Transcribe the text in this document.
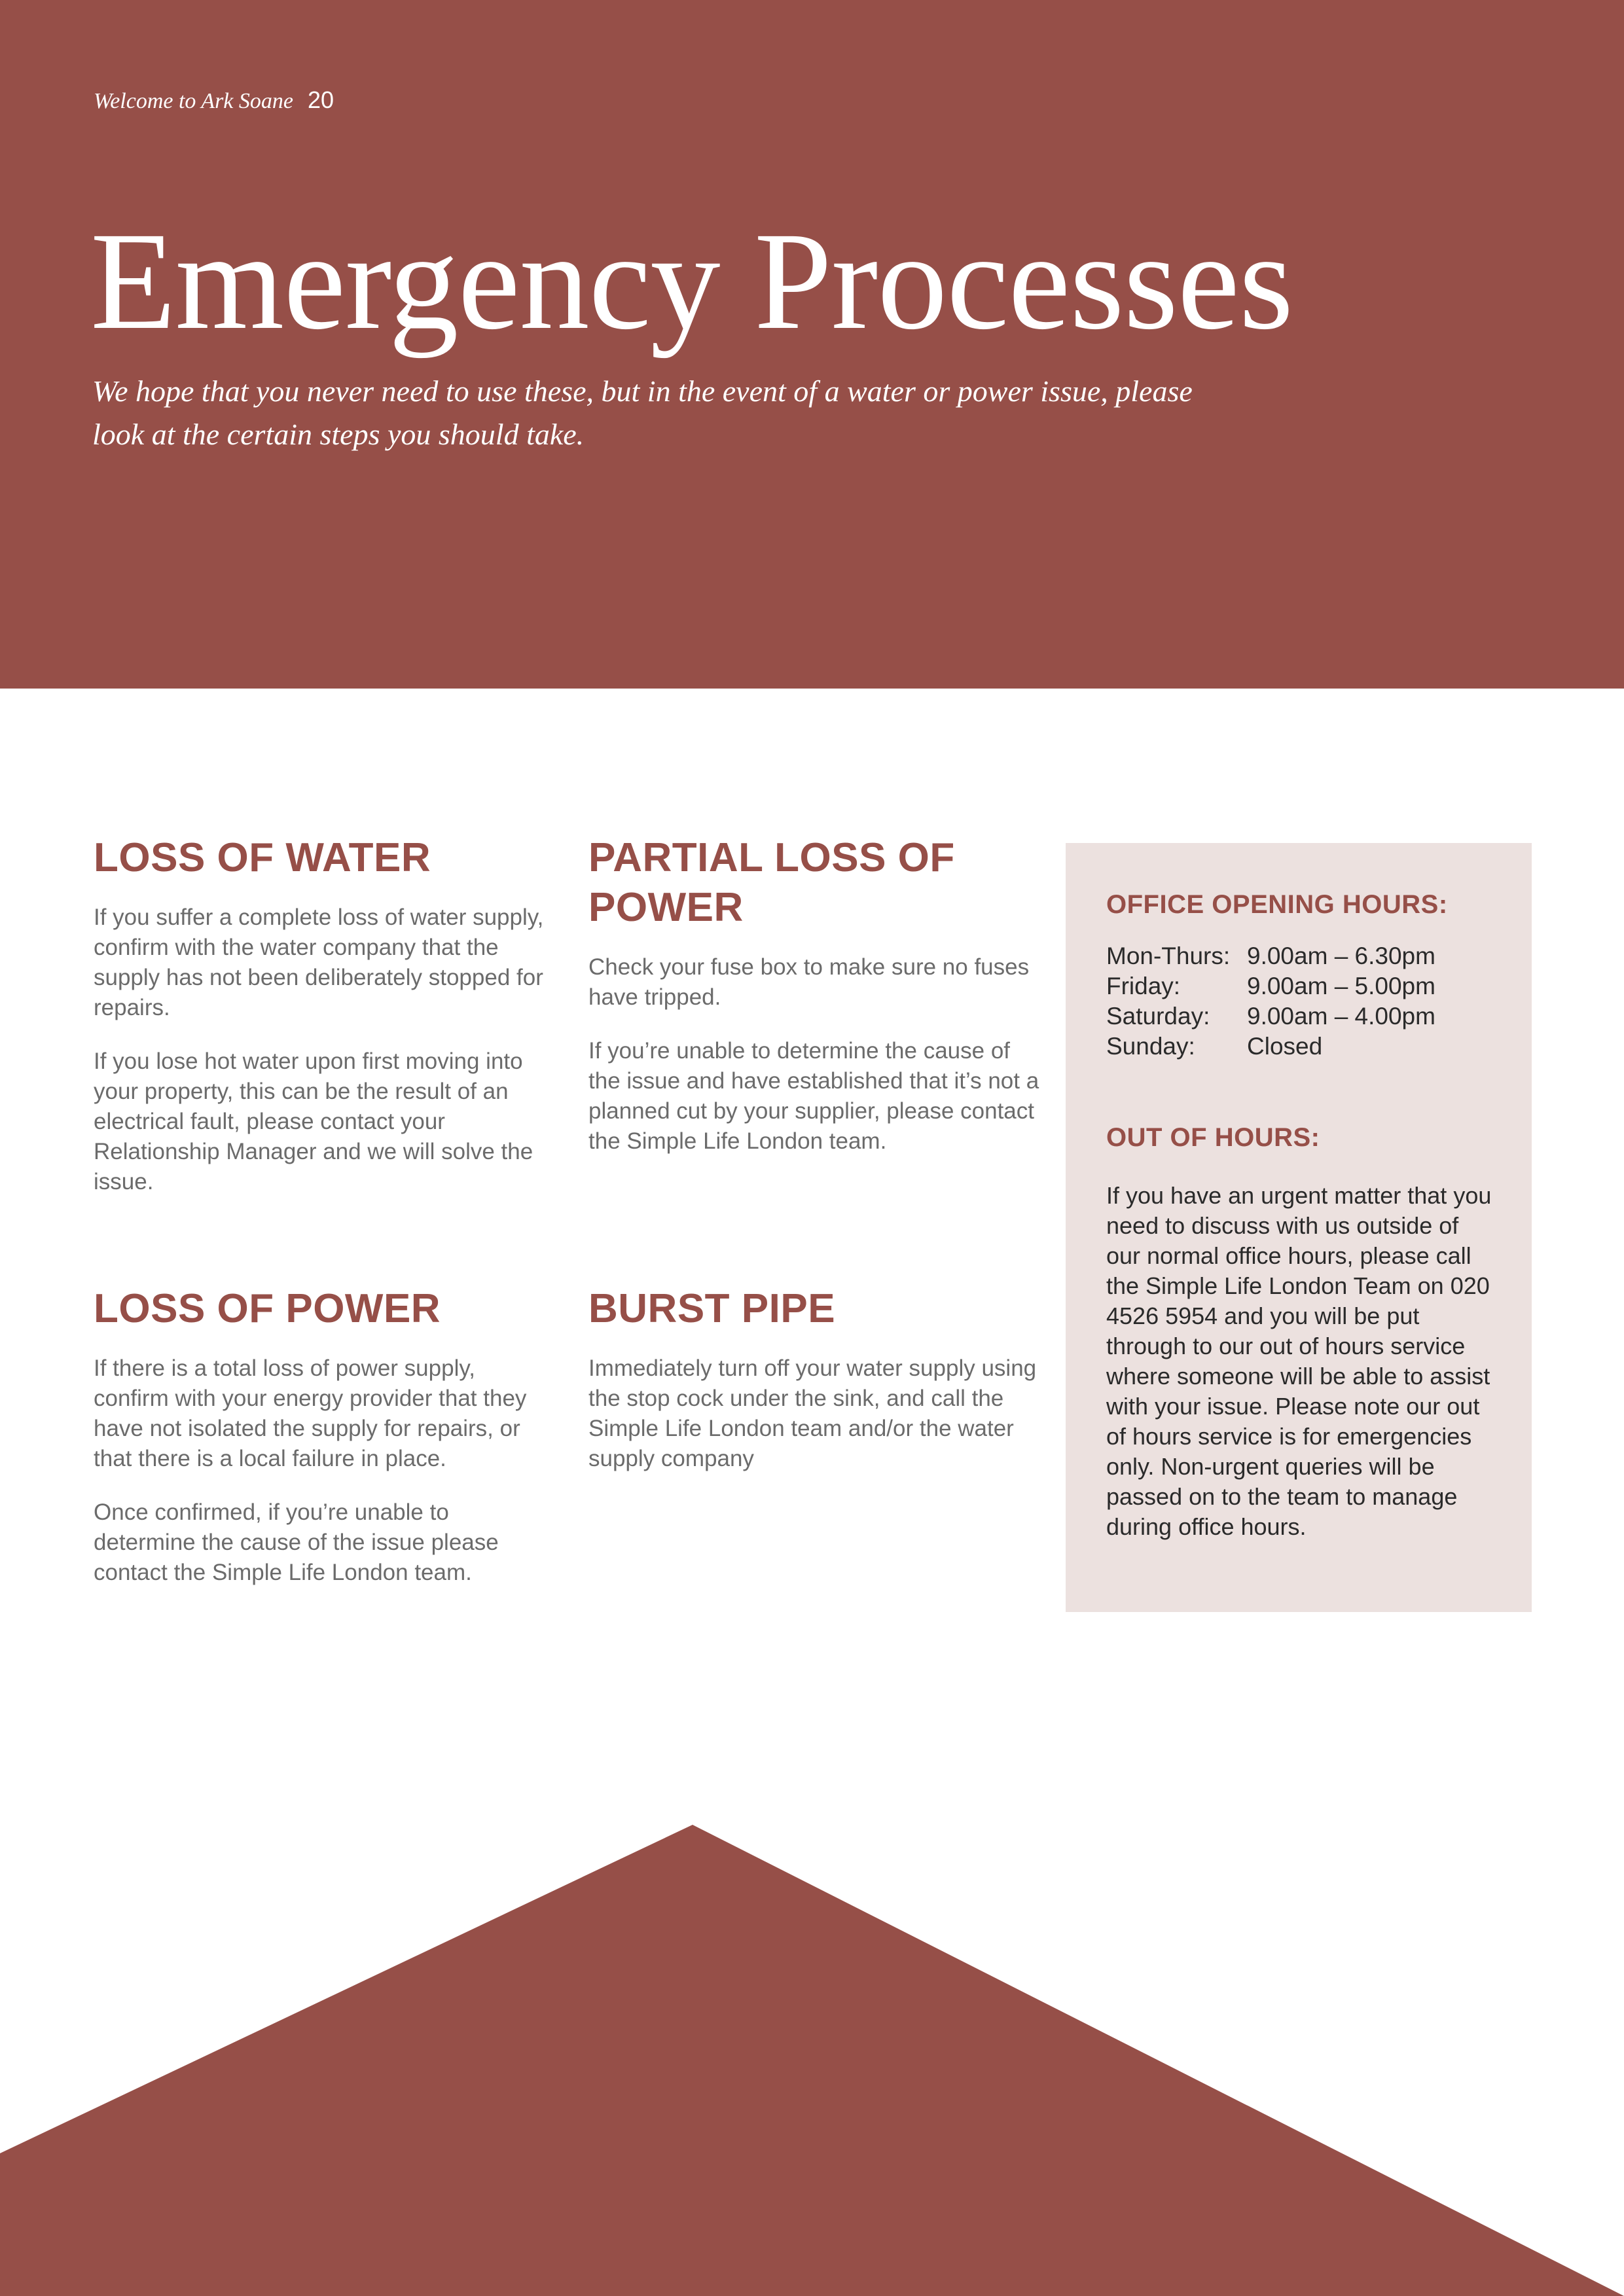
Welcome to Ark Soane 20
Emergency Processes

We hope that you never need to use these, but in the event of a water or power issue, please look at the certain steps you should take.

LOSS OF WATER

If you suffer a complete loss of water supply, confirm with the water company that the supply has not been deliberately stopped for repairs.

If you lose hot water upon first moving into your property, this can be the result of an electrical fault, please contact your Relationship Manager and we will solve the issue.

PARTIAL LOSS OF POWER

Check your fuse box to make sure no fuses have tripped.

If you’re unable to determine the cause of the issue and have established that it’s not a planned cut by your supplier, please contact the Simple Life London team.

LOSS OF POWER

If there is a total loss of power supply, confirm with your energy provider that they have not isolated the supply for repairs, or that there is a local failure in place.

Once confirmed, if you’re unable to determine the cause of the issue please contact the Simple Life London team.

BURST PIPE

Immediately turn off your water supply using the stop cock under the sink, and call the Simple Life London team and/or the water supply company

OFFICE OPENING HOURS:
Mon-Thurs:	9.00am – 6.30pm
Friday:	9.00am – 5.00pm
Saturday:	9.00am – 4.00pm
Sunday:	Closed
OUT OF HOURS:

If you have an urgent matter that you need to discuss with us outside of our normal office hours, please call the Simple Life London Team on 020 4526 5954 and you will be put through to our out of hours service where someone will be able to assist with your issue. Please note our out of hours service is for emergencies only. Non-urgent queries will be passed on to the team to manage during office hours.
